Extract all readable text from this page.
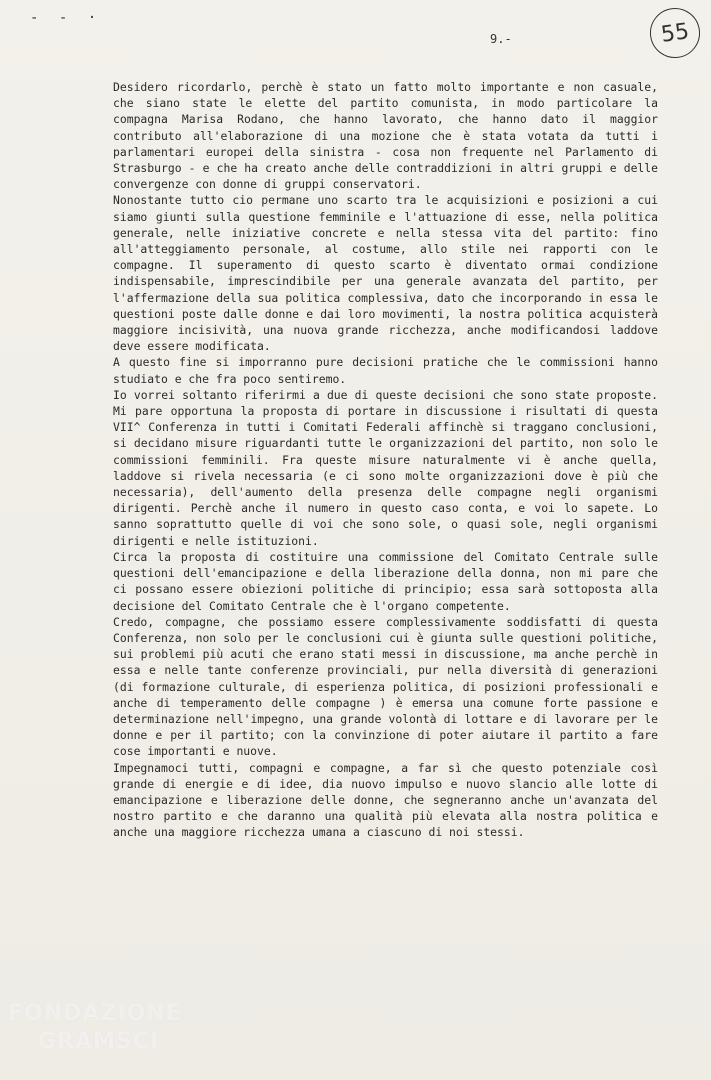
- - ·
9.-	55

Desidero ricordarlo, perchè è stato un fatto molto importante e non casuale, che siano state le elette del partito comunista, in modo particolare la compagna Marisa Rodano, che hanno lavorato, che hanno dato il maggior contributo all'elaborazione di una mozione che è stata votata da tutti i parlamentari europei della sinistra - cosa non frequente nel Parlamento di Strasburgo - e che ha creato anche delle contraddizioni in altri gruppi e delle convergenze con donne di gruppi conservatori.

Nonostante tutto cio permane uno scarto tra le acquisizioni e posizioni a cui siamo giunti sulla questione femminile e l'attuazione di esse, nella politica generale, nelle iniziative concrete e nella stessa vita del partito: fino all'atteggiamento personale, al costume, allo stile nei rapporti con le compagne. Il superamento di questo scarto è diventato ormai condizione indispensabile, imprescindibile per una generale avanzata del partito, per l'affermazione della sua politica complessiva, dato che incorporando in essa le questioni poste dalle donne e dai loro movimenti, la nostra politica acquisterà maggiore incisività, una nuova grande ricchezza, anche modificandosi laddove deve essere modificata.

A questo fine si imporranno pure decisioni pratiche che le commissioni hanno studiato e che fra poco sentiremo.

Io vorrei soltanto riferirmi a due di queste decisioni che sono state proposte. Mi pare opportuna la proposta di portare in discussione i risultati di questa VII^ Conferenza in tutti i Comitati Federali affinchè si traggano conclusioni, si decidano misure riguardanti tutte le organizzazioni del partito, non solo le commissioni femminili. Fra queste misure naturalmente vi è anche quella, laddove si rivela necessaria (e ci sono molte organizzazioni dove è più che necessaria), dell'aumento della presenza delle compagne negli organismi dirigenti. Perchè anche il numero in questo caso conta, e voi lo sapete. Lo sanno soprattutto quelle di voi che sono sole, o quasi sole, negli organismi dirigenti e nelle istituzioni.

Circa la proposta di costituire una commissione del Comitato Centrale sulle questioni dell'emancipazione e della liberazione della donna, non mi pare che ci possano essere obiezioni politiche di principio; essa sarà sottoposta alla decisione del Comitato Centrale che è l'organo competente.

Credo, compagne, che possiamo essere complessivamente soddisfatti di questa Conferenza, non solo per le conclusioni cui è giunta sulle questioni politiche, sui problemi più acuti che erano stati messi in discussione, ma anche perchè in essa e nelle tante conferenze provinciali, pur nella diversità di generazioni (di formazione culturale, di esperienza politica, di posizioni professionali e anche di temperamento delle compagne ) è emersa una comune forte passione e determinazione nell'impegno, una grande volontà di lottare e di lavorare per le donne e per il partito; con la convinzione di poter aiutare il partito a fare cose importanti e nuove.

Impegnamoci tutti, compagni e compagne, a far sì che questo potenziale così grande di energie e di idee, dia nuovo impulso e nuovo slancio alle lotte di emancipazione e liberazione delle donne, che segneranno anche un'avanzata del nostro partito e che daranno una qualità più elevata alla nostra politica e anche una maggiore ricchezza umana a ciascuno di noi stessi.

FONDAZIONE
GRAMSCI
